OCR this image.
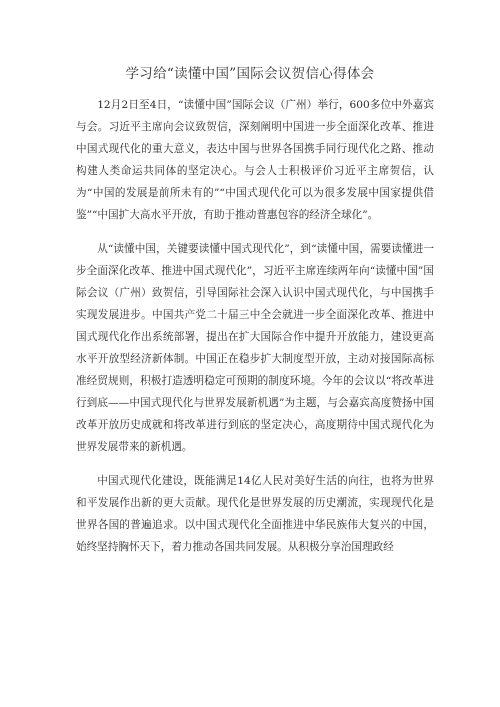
学习给“读懂中国”国际会议贺信心得体会

12月2日至4日，“读懂中国”国际会议（广州）举行，600多位中外嘉宾与会。习近平主席向会议致贺信，深刻阐明中国进一步全面深化改革、推进中国式现代化的重大意义，表达中国与世界各国携手同行现代化之路、推动构建人类命运共同体的坚定决心。与会人士积极评价习近平主席贺信，认为“中国的发展是前所未有的”“中国式现代化可以为很多发展中国家提供借鉴”“中国扩大高水平开放，有助于推动普惠包容的经济全球化”。

从“读懂中国，关键要读懂中国式现代化”，到“读懂中国，需要读懂进一步全面深化改革、推进中国式现代化”，习近平主席连续两年向“读懂中国”国际会议（广州）致贺信，引导国际社会深入认识中国式现代化，与中国携手实现发展进步。中国共产党二十届三中全会就进一步全面深化改革、推进中国式现代化作出系统部署，提出在扩大国际合作中提升开放能力，建设更高水平开放型经济新体制。中国正在稳步扩大制度型开放，主动对接国际高标准经贸规则，积极打造透明稳定可预期的制度环境。今年的会议以“将改革进行到底——中国式现代化与世界发展新机遇”为主题，与会嘉宾高度赞扬中国改革开放历史成就和将改革进行到底的坚定决心，高度期待中国式现代化为世界发展带来的新机遇。

中国式现代化建设，既能满足14亿人民对美好生活的向往，也将为世界和平发展作出新的更大贡献。现代化是世界发展的历史潮流，实现现代化是世界各国的普遍追求。以中国式现代化全面推进中华民族伟大复兴的中国，始终坚持胸怀天下，着力推动各国共同发展。从积极分享治国理政经
